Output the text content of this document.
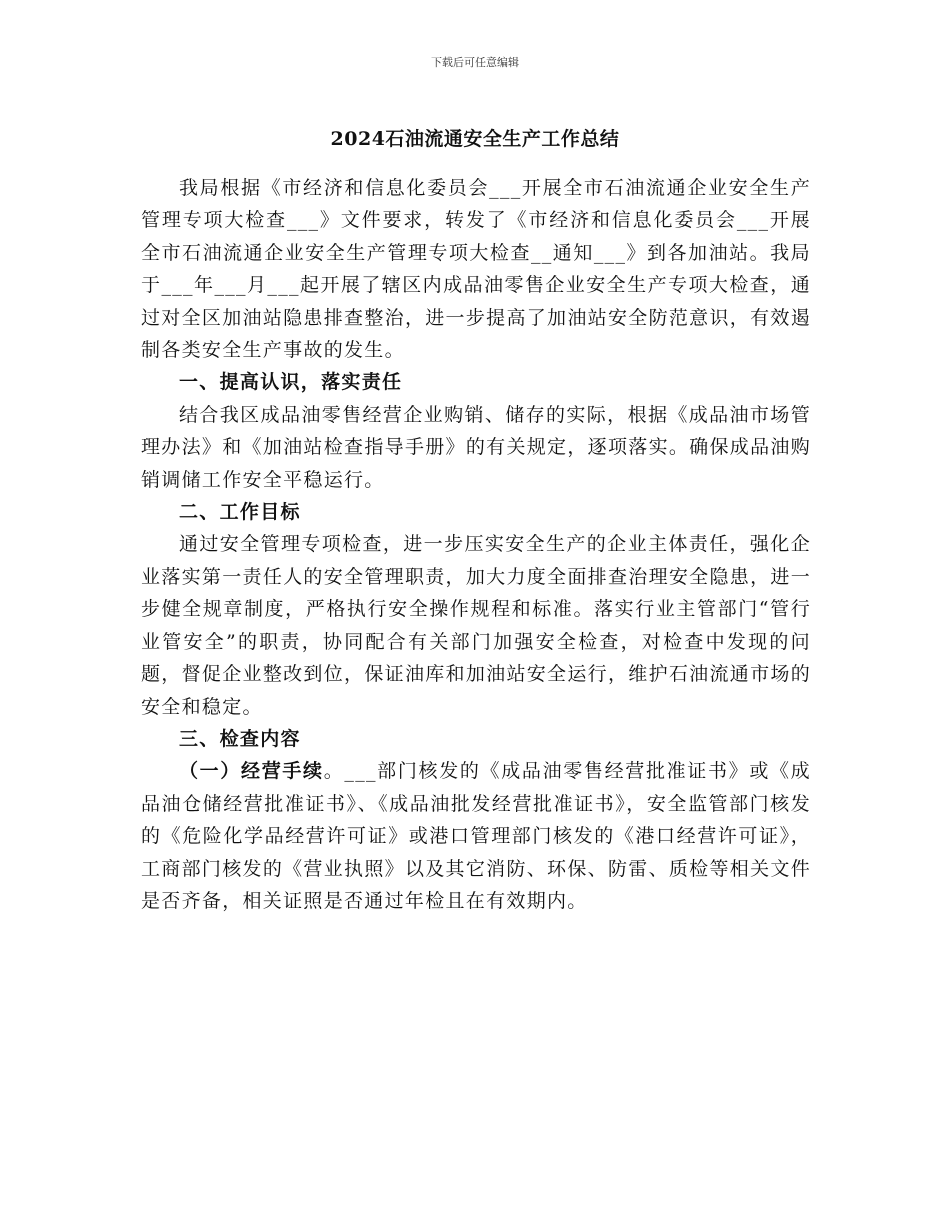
下载后可任意编辑
2024石油流通安全生产工作总结

我局根据《市经济和信息化委员会___开展全市石油流通企业安全生产管理专项大检查___》文件要求，转发了《市经济和信息化委员会___开展全市石油流通企业安全生产管理专项大检查__通知___》到各加油站。我局于___年___月___起开展了辖区内成品油零售企业安全生产专项大检查，通过对全区加油站隐患排查整治，进一步提高了加油站安全防范意识，有效遏制各类安全生产事故的发生。

一、提高认识，落实责任

结合我区成品油零售经营企业购销、储存的实际，根据《成品油市场管理办法》和《加油站检查指导手册》的有关规定，逐项落实。确保成品油购销调储工作安全平稳运行。

二、工作目标

通过安全管理专项检查，进一步压实安全生产的企业主体责任，强化企业落实第一责任人的安全管理职责，加大力度全面排查治理安全隐患，进一步健全规章制度，严格执行安全操作规程和标准。落实行业主管部门“管行业管安全”的职责，协同配合有关部门加强安全检查，对检查中发现的问题，督促企业整改到位，保证油库和加油站安全运行，维护石油流通市场的安全和稳定。

三、检查内容

（一）经营手续。___部门核发的《成品油零售经营批准证书》或《成品油仓储经营批准证书》、《成品油批发经营批准证书》，安全监管部门核发的《危险化学品经营许可证》或港口管理部门核发的《港口经营许可证》，工商部门核发的《营业执照》以及其它消防、环保、防雷、质检等相关文件是否齐备，相关证照是否通过年检且在有效期内。
